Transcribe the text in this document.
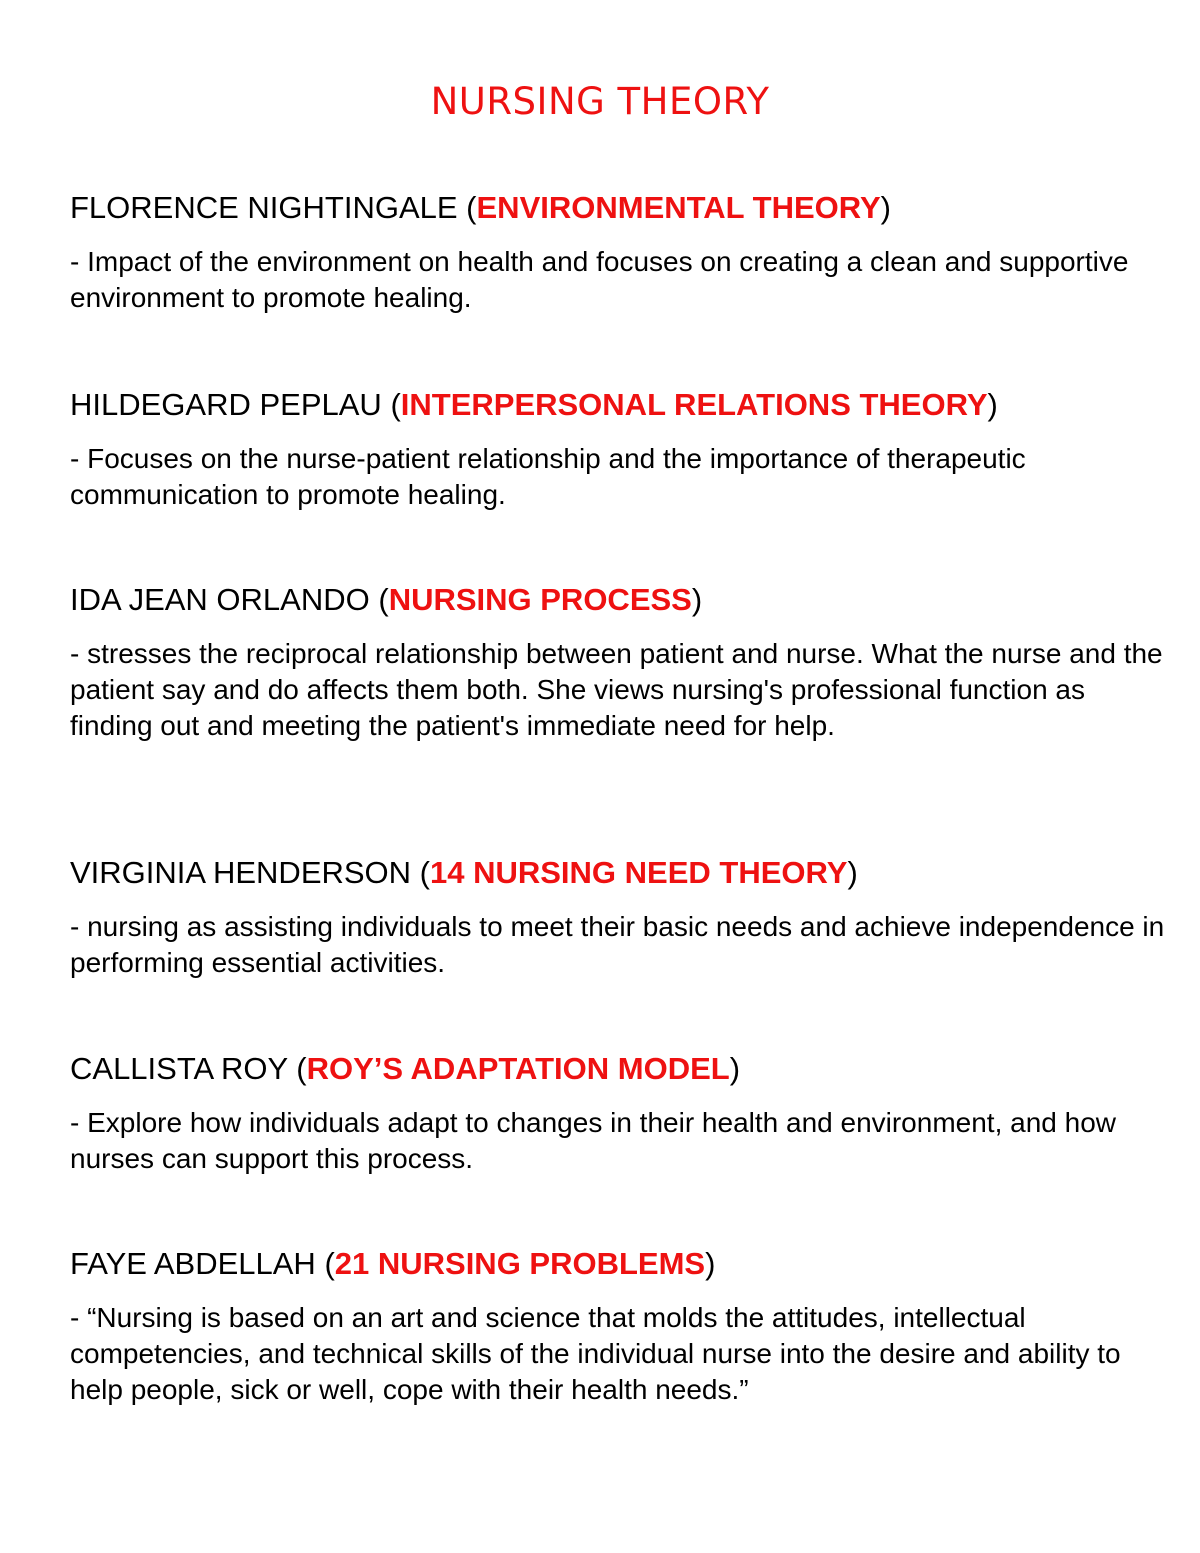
NURSING THEORY

FLORENCE NIGHTINGALE (ENVIRONMENTAL THEORY)

- Impact of the environment on health and focuses on creating a clean and supportive environment to promote healing.

HILDEGARD PEPLAU (INTERPERSONAL RELATIONS THEORY)

- Focuses on the nurse-patient relationship and the importance of therapeutic communication to promote healing.

IDA JEAN ORLANDO (NURSING PROCESS)

- stresses the reciprocal relationship between patient and nurse. What the nurse and the patient say and do affects them both. She views nursing's professional function as finding out and meeting the patient's immediate need for help.

VIRGINIA HENDERSON (14 NURSING NEED THEORY)

- nursing as assisting individuals to meet their basic needs and achieve independence in performing essential activities.

CALLISTA ROY (ROY’S ADAPTATION MODEL)

- Explore how individuals adapt to changes in their health and environment, and how nurses can support this process.

FAYE ABDELLAH (21 NURSING PROBLEMS)

- “Nursing is based on an art and science that molds the attitudes, intellectual competencies, and technical skills of the individual nurse into the desire and ability to help people, sick or well, cope with their health needs.”
